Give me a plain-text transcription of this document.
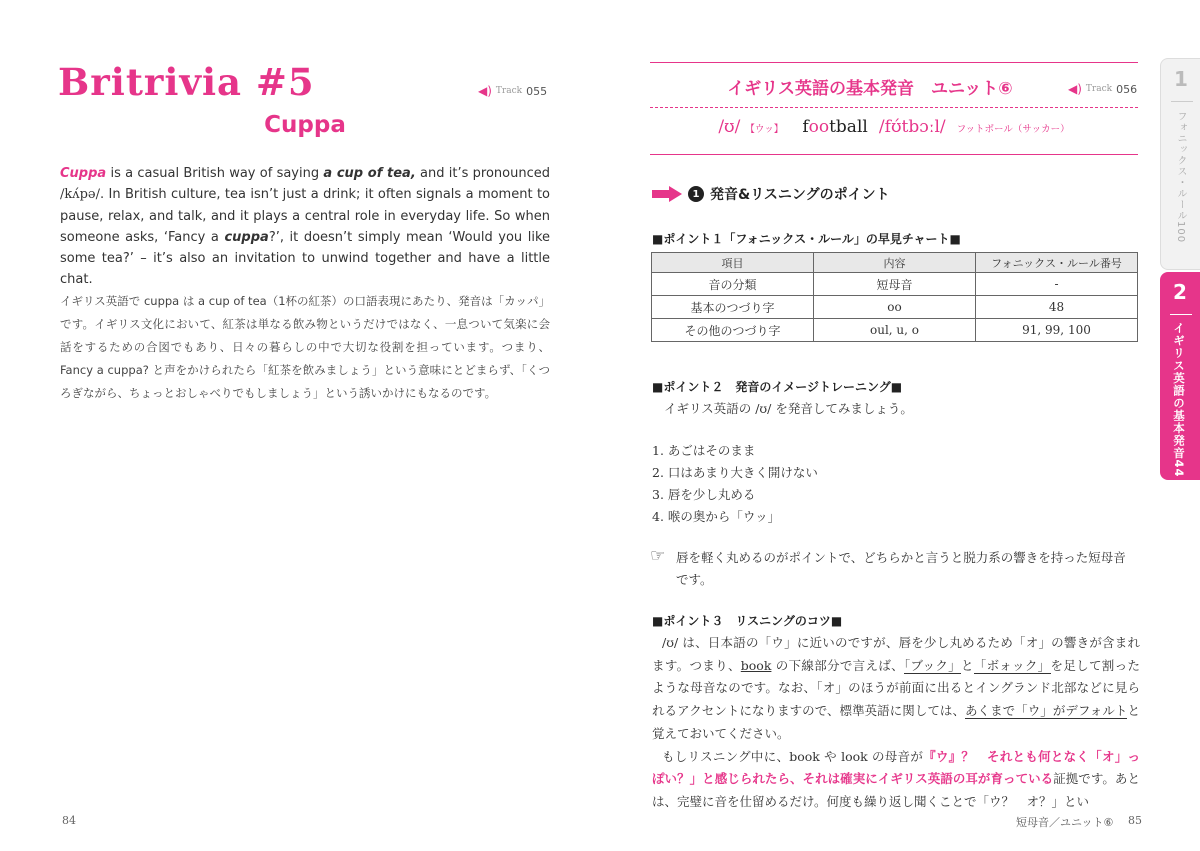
Britrivia #5	◀) Track 055
Cuppa
Cuppa is a casual British way of saying a cup of tea, and it’s pronounced /kʌ́pə/. In British culture, tea isn’t just a drink; it often signals a moment to pause, relax, and talk, and it plays a central role in everyday life. So when someone asks, ‘Fancy a cuppa?’, it doesn’t simply mean ‘Would you like some tea?’ – it’s also an invitation to unwind together and have a little chat.
イギリス英語で cuppa は a cup of tea（1杯の紅茶）の口語表現にあたり、発音は「カッパ」です。イギリス文化において、紅茶は単なる飲み物というだけではなく、一息ついて気楽に会話をするための合図でもあり、日々の暮らしの中で大切な役割を担っています。つまり、Fancy a cuppa? と声をかけられたら「紅茶を飲みましょう」という意味にとどまらず、「くつろぎながら、ちょっとおしゃべりでもしましょう」という誘いかけにもなるのです。
84
イギリス英語の基本発音　ユニット⑥	◀) Track 056
/ʊ/ 【ウッ】 football /fʊ́tbɔːl/ フットボール（サッカー）
1 発音&リスニングのポイント
■ポイント１「フォニックス・ルール」の早見チャート■
項目	内容	フォニックス・ルール番号
音の分類	短母音	-
基本のつづり字	oo	48
その他のつづり字	oul, u, o	91, 99, 100
■ポイント２　発音のイメージトレーニング■
イギリス英語の /ʊ/ を発音してみましょう。
1. あごはそのまま
2. 口はあまり大きく開けない
3. 唇を少し丸める
4. 喉の奥から「ウッ」
☞ 唇を軽く丸めるのがポイントで、どちらかと言うと脱力系の響きを持った短母音です。
■ポイント３　リスニングのコツ■
/ʊ/ は、日本語の「ウ」に近いのですが、唇を少し丸めるため「オ」の響きが含まれます。つまり、book の下線部分で言えば、「ブック」と「ボォック」を足して割ったような母音なのです。なお、「オ」のほうが前面に出るとイングランド北部などに見られるアクセントになりますので、標準英語に関しては、あくまで「ウ」がデフォルトと覚えておいてください。
もしリスニング中に、book や look の母音が『ウ』？　それとも何となく「オ」っぽい？」と感じられたら、それは確実にイギリス英語の耳が育っている証拠です。あとは、完璧に音を仕留めるだけ。何度も繰り返し聞くことで「ウ？　オ？」とい
短母音／ユニット⑥ 85
1
フォニックス・ルール100
2
イギリス英語の基本発音44
